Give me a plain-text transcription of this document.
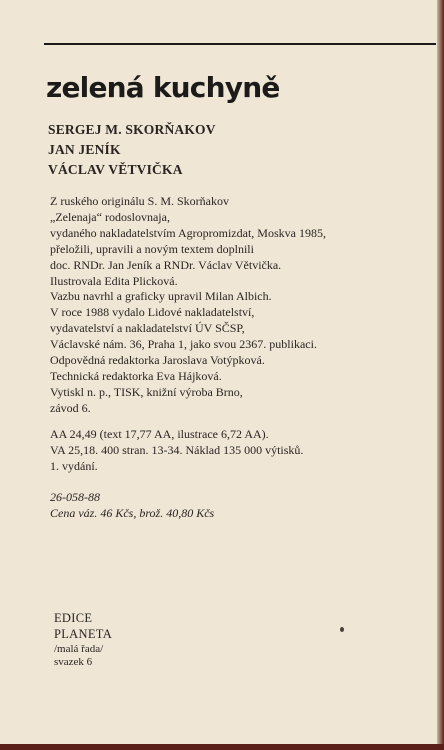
zelená kuchyně
SERGEJ M. SKORŇAKOV
JAN JENÍK
VÁCLAV VĚTVIČKA
Z ruského originálu S. M. Skorňakov
„Zelenaja“ rodoslovnaja,
vydaného nakladatelstvím Agropromizdat, Moskva 1985,
přeložili, upravili a novým textem doplnili
doc. RNDr. Jan Jeník a RNDr. Václav Větvička.
Ilustrovala Edita Plicková.
Vazbu navrhl a graficky upravil Milan Albich.
V roce 1988 vydalo Lidové nakladatelství,
vydavatelství a nakladatelství ÚV SČSP,
Václavské nám. 36, Praha 1, jako svou 2367. publikaci.
Odpovědná redaktorka Jaroslava Votýpková.
Technická redaktorka Eva Hájková.
Vytiskl n. p., TISK, knižní výroba Brno,
závod 6.
AA 24,49 (text 17,77 AA, ilustrace 6,72 AA).
VA 25,18. 400 stran. 13-34. Náklad 135 000 výtisků.
1. vydání.
26-058-88
Cena váz. 46 Kčs, brož. 40,80 Kčs
EDICE
PLANETA
/malá řada/
svazek 6
